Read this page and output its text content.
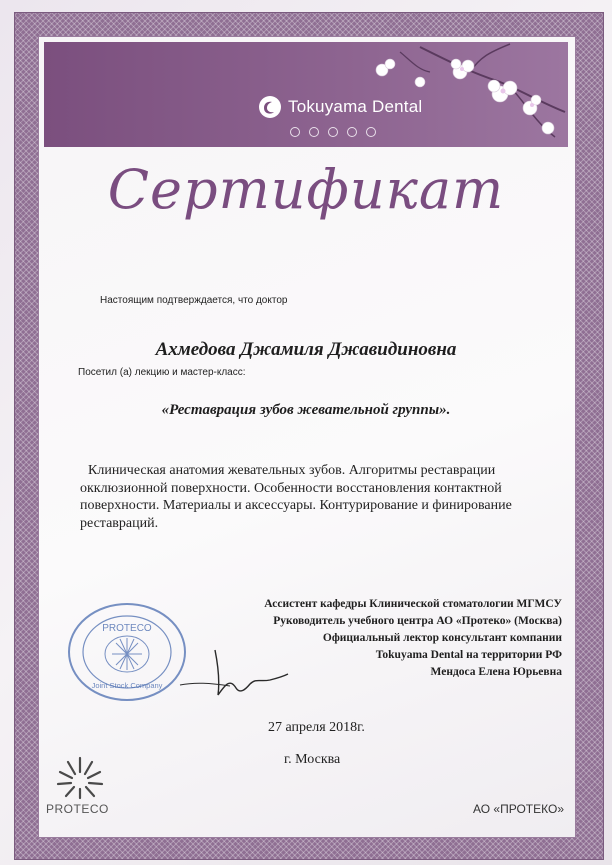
Tokuyama Dental
Сертификат
Настоящим подтверждается, что доктор
Ахмедова Джамиля Джавидиновна
Посетил (а) лекцию и мастер-класс:
«Реставрация зубов жевательной группы».
Клиническая анатомия жевательных зубов. Алгоритмы реставрации окклюзионной поверхности. Особенности восстановления контактной поверхности. Материалы и аксессуары. Контурирование и финирование реставраций.
PROTECO
Joint Stock Company
Ассистент кафедры Клинической стоматологии МГМСУ
Руководитель учебного центра АО «Протеко» (Москва)
Официальный лектор консультант компании
Tokuyama Dental на территории РФ
Мендоса Елена Юрьевна
27 апреля 2018г.
г. Москва
PROTECO	АО «ПРОТЕКО»
